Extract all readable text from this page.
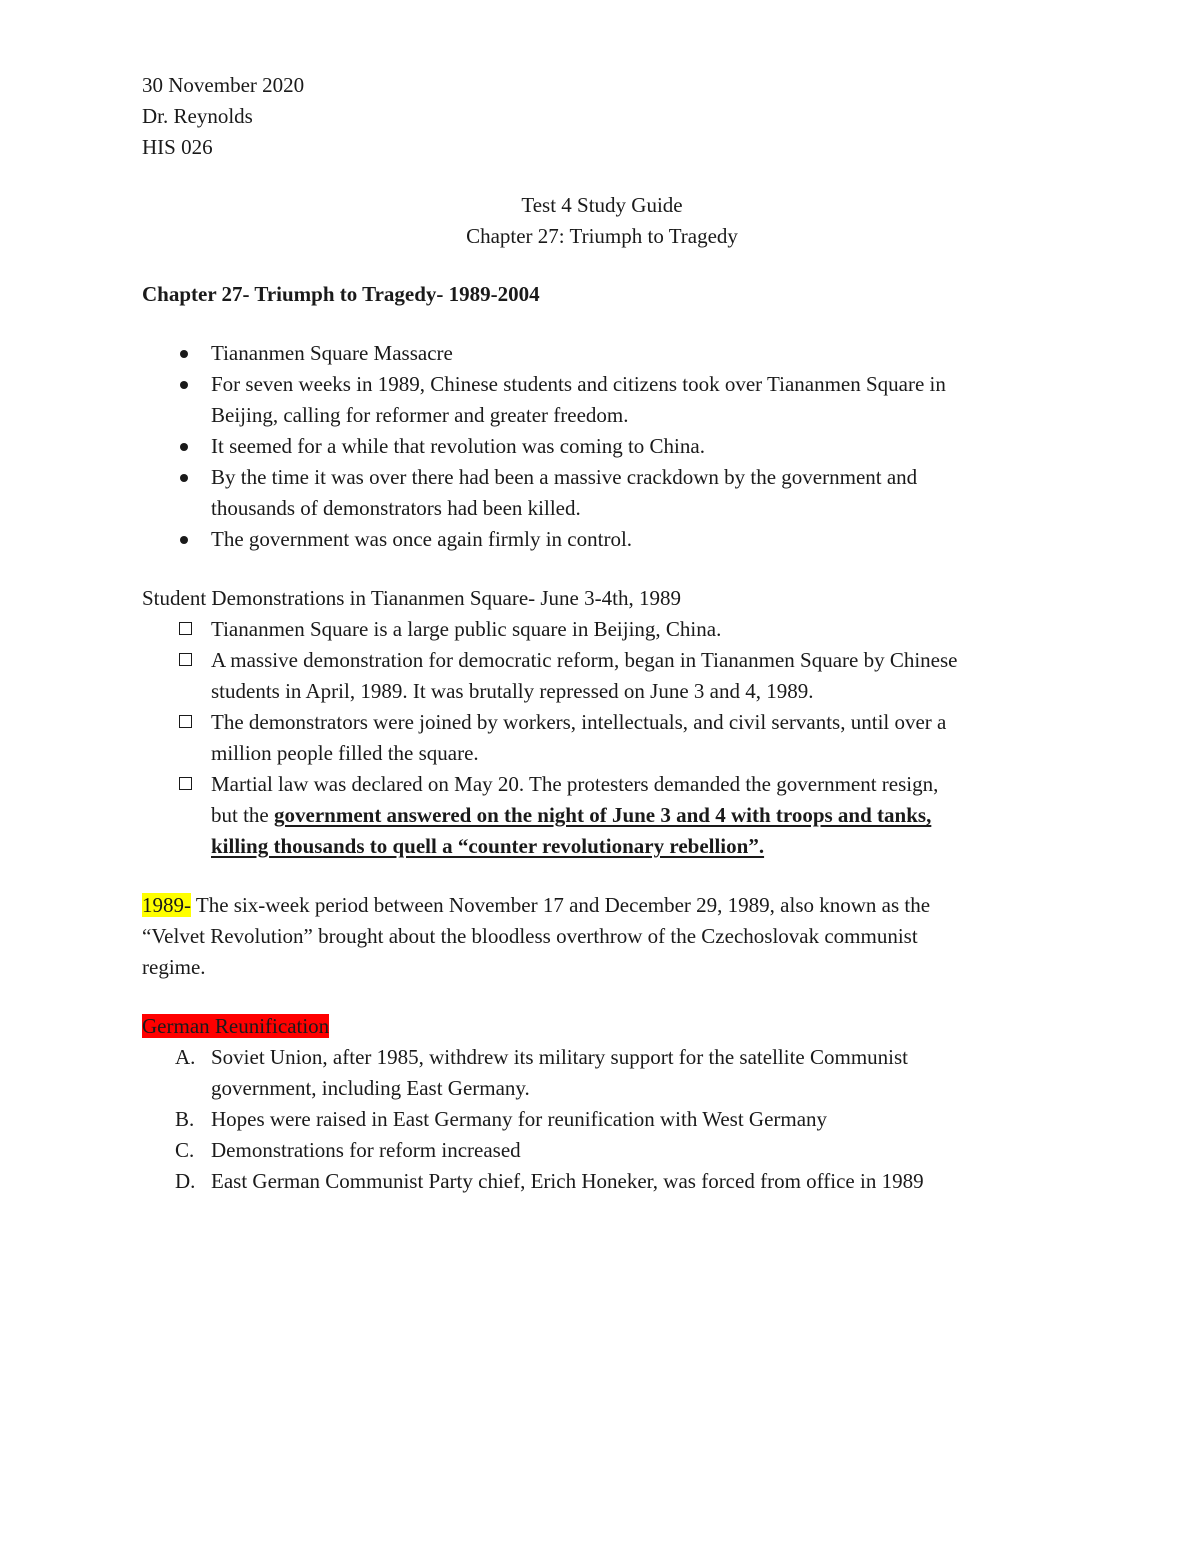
30 November 2020

Dr. Reynolds

HIS 026

Test 4 Study Guide

Chapter 27: Triumph to Tragedy

Chapter 27- Triumph to Tragedy- 1989-2004

Tiananmen Square Massacre

For seven weeks in 1989, Chinese students and citizens took over Tiananmen Square in

Beijing, calling for reformer and greater freedom.

It seemed for a while that revolution was coming to China.

By the time it was over there had been a massive crackdown by the government and

thousands of demonstrators had been killed.

The government was once again firmly in control.

Student Demonstrations in Tiananmen Square- June 3-4th, 1989

Tiananmen Square is a large public square in Beijing, China.

A massive demonstration for democratic reform, began in Tiananmen Square by Chinese

students in April, 1989. It was brutally repressed on June 3 and 4, 1989.

The demonstrators were joined by workers, intellectuals, and civil servants, until over a

million people filled the square.

Martial law was declared on May 20. The protesters demanded the government resign,

but the government answered on the night of June 3 and 4 with troops and tanks,

killing thousands to quell a “counter revolutionary rebellion”.

1989- The six-week period between November 17 and December 29, 1989, also known as the

“Velvet Revolution” brought about the bloodless overthrow of the Czechoslovak communist

regime.

German Reunification

A. Soviet Union, after 1985, withdrew its military support for the satellite Communist

government, including East Germany.

B. Hopes were raised in East Germany for reunification with West Germany

C. Demonstrations for reform increased

D. East German Communist Party chief, Erich Honeker, was forced from office in 1989
